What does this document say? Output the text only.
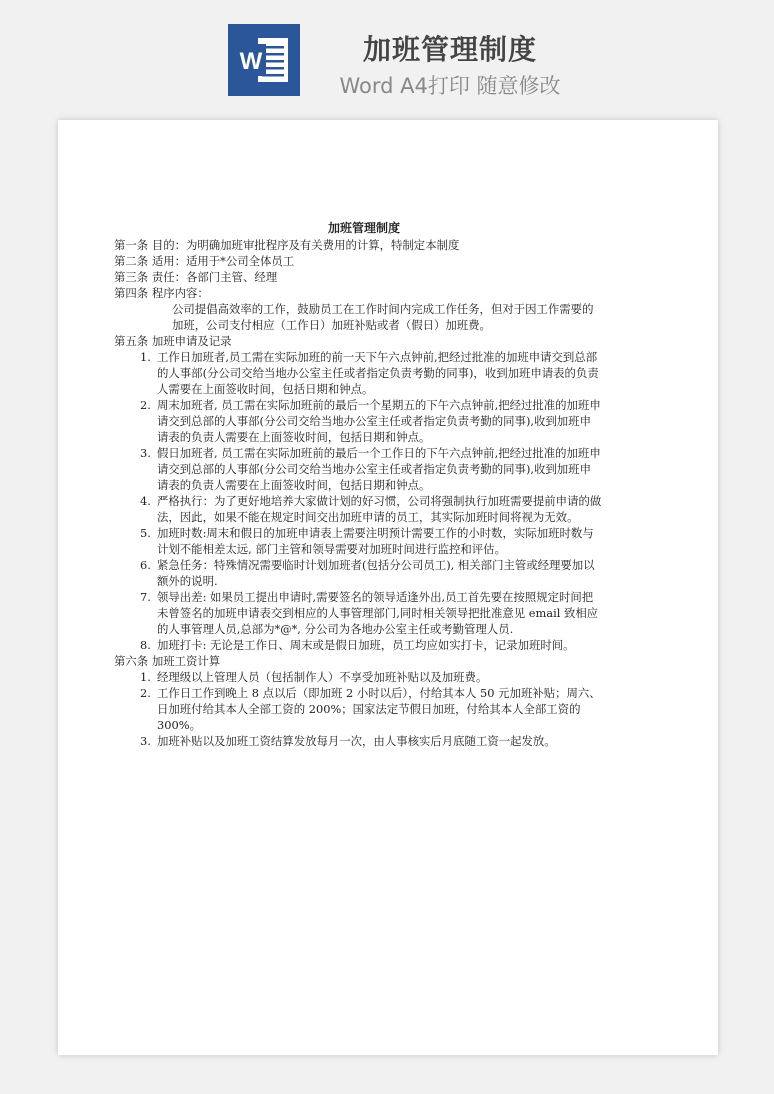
W	加班管理制度
Word A4打印 随意修改
加班管理制度
第一条 目的：为明确加班审批程序及有关费用的计算，特制定本制度
第二条 适用：适用于*公司全体员工
第三条 责任：各部门主管、经理
第四条 程序内容：
公司提倡高效率的工作，鼓励员工在工作时间内完成工作任务，但对于因工作需要的加班，公司支付相应（工作日）加班补贴或者（假日）加班费。
第五条 加班申请及记录
1. 工作日加班者,员工需在实际加班的前一天下午六点钟前,把经过批准的加班申请交到总部的人事部(分公司交给当地办公室主任或者指定负责考勤的同事)，收到加班申请表的负责人需要在上面签收时间，包括日期和钟点。
2. 周末加班者, 员工需在实际加班前的最后一个星期五的下午六点钟前,把经过批准的加班申请交到总部的人事部(分公司交给当地办公室主任或者指定负责考勤的同事),收到加班申请表的负责人需要在上面签收时间，包括日期和钟点。
3. 假日加班者, 员工需在实际加班前的最后一个工作日的下午六点钟前,把经过批准的加班申请交到总部的人事部(分公司交给当地办公室主任或者指定负责考勤的同事),收到加班申请表的负责人需要在上面签收时间，包括日期和钟点。
4. 严格执行：为了更好地培养大家做计划的好习惯，公司将强制执行加班需要提前申请的做法，因此，如果不能在规定时间交出加班申请的员工，其实际加班时间将视为无效。
5. 加班时数:周末和假日的加班申请表上需要注明预计需要工作的小时数，实际加班时数与计划不能相差太远, 部门主管和领导需要对加班时间进行监控和评估。
6. 紧急任务：特殊情况需要临时计划加班者(包括分公司员工), 相关部门主管或经理要加以额外的说明.
7. 领导出差: 如果员工提出申请时,需要签名的领导适逢外出,员工首先要在按照规定时间把未曾签名的加班申请表交到相应的人事管理部门,同时相关领导把批准意见 email 致相应的人事管理人员,总部为*@*, 分公司为各地办公室主任或考勤管理人员.
8. 加班打卡: 无论是工作日、周末或是假日加班，员工均应如实打卡，记录加班时间。
第六条 加班工资计算
1. 经理级以上管理人员（包括制作人）不享受加班补贴以及加班费。
2. 工作日工作到晚上 8 点以后（即加班 2 小时以后），付给其本人 50 元加班补贴；周六、日加班付给其本人全部工资的 200%；国家法定节假日加班，付给其本人全部工资的 300%。
3. 加班补贴以及加班工资结算发放每月一次，由人事核实后月底随工资一起发放。
